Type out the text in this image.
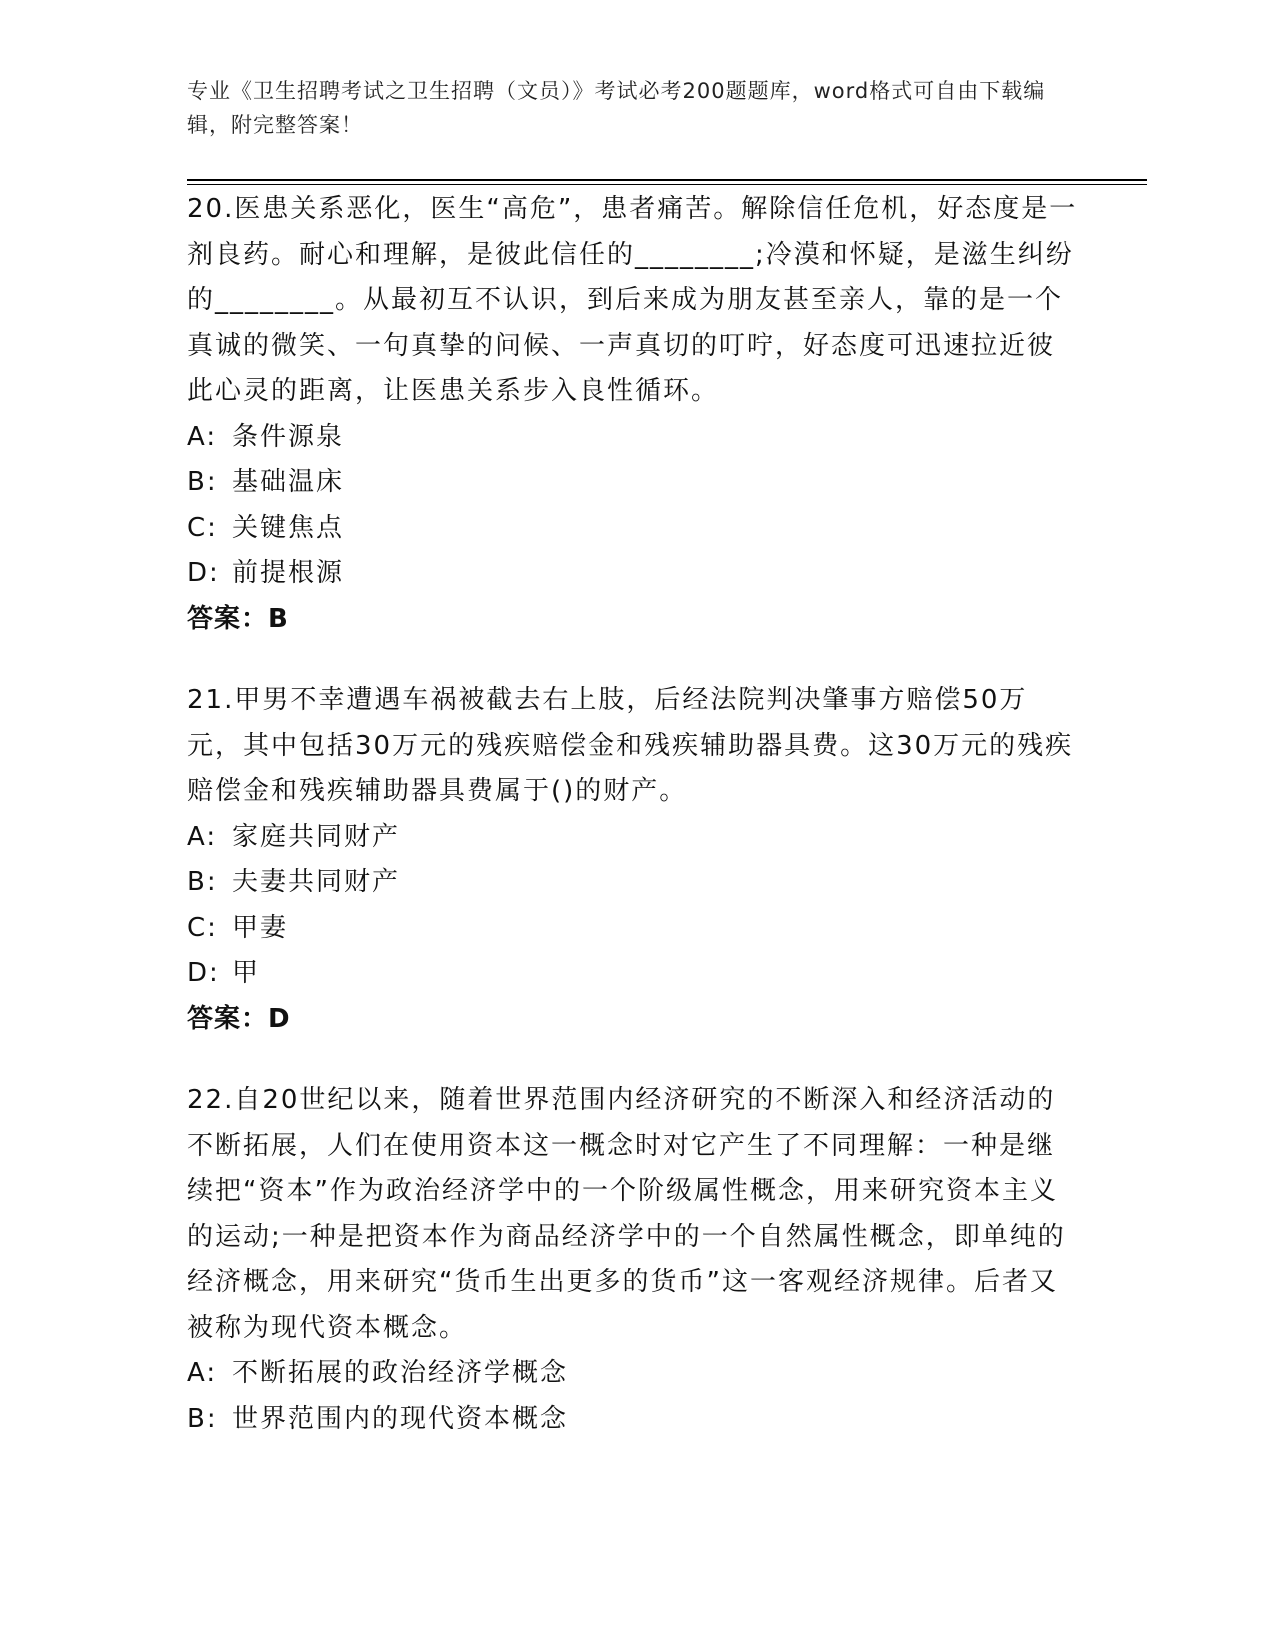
专业《卫生招聘考试之卫生招聘（文员）》考试必考200题题库，word格式可自由下载编辑，附完整答案！

20.医患关系恶化，医生“高危”，患者痛苦。解除信任危机，好态度是一剂良药。耐心和理解，是彼此信任的________;冷漠和怀疑，是滋生纠纷的________。从最初互不认识，到后来成为朋友甚至亲人，靠的是一个真诚的微笑、一句真挚的问候、一声真切的叮咛，好态度可迅速拉近彼此心灵的距离，让医患关系步入良性循环。

A: 条件源泉

B: 基础温床

C: 关键焦点

D: 前提根源

答案：B

21.甲男不幸遭遇车祸被截去右上肢，后经法院判决肇事方赔偿50万元，其中包括30万元的残疾赔偿金和残疾辅助器具费。这30万元的残疾赔偿金和残疾辅助器具费属于()的财产。

A: 家庭共同财产

B: 夫妻共同财产

C: 甲妻

D: 甲

答案：D

22.自20世纪以来，随着世界范围内经济研究的不断深入和经济活动的不断拓展，人们在使用资本这一概念时对它产生了不同理解：一种是继续把“资本”作为政治经济学中的一个阶级属性概念，用来研究资本主义的运动;一种是把资本作为商品经济学中的一个自然属性概念，即单纯的经济概念，用来研究“货币生出更多的货币”这一客观经济规律。后者又被称为现代资本概念。

A: 不断拓展的政治经济学概念

B: 世界范围内的现代资本概念
